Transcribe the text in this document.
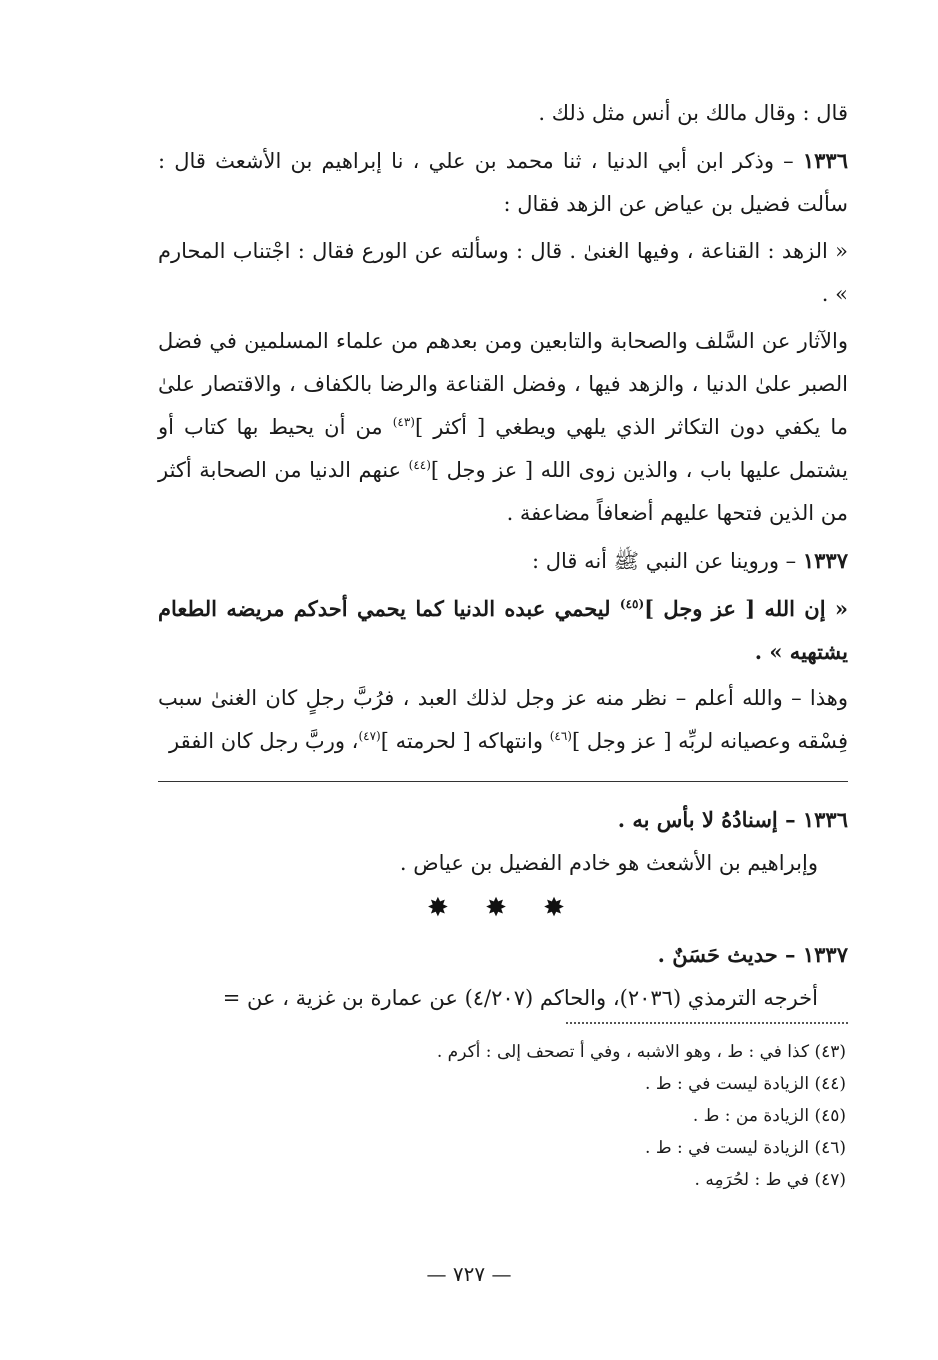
قال : وقال مالك بن أنس مثل ذلك .

١٣٣٦ – وذكر ابن أبي الدنيا ، ثنا محمد بن علي ، نا إبراهيم بن الأشعث قال : سألت فضيل بن عياض عن الزهد فقال :

« الزهد : القناعة ، وفيها الغنىٰ . قال : وسألته عن الورع فقال : اجْتناب المحارم » .

والآثار عن السَّلف والصحابة والتابعين ومن بعدهم من علماء المسلمين في فضل الصبر علىٰ الدنيا ، والزهد فيها ، وفضل القناعة والرضا بالكفاف ، والاقتصار علىٰ ما يكفي دون التكاثر الذي يلهي ويطغي [ أكثر ]$^{(٤٣)}$ من أن يحيط بها كتاب أو يشتمل عليها باب ، والذين زوى الله [ عز وجل ]$^{(٤٤)}$ عنهم الدنيا من الصحابة أكثر من الذين فتحها عليهم أضعافاً مضاعفة .

١٣٣٧ – وروينا عن النبي ﷺ أنه قال :

« إن الله [ عز وجل ]$^{(٤٥)}$ ليحمي عبده الدنيا كما يحمي أحدكم مريضه الطعام يشتهيه » .

وهذا – والله أعلم – نظر منه عز وجل لذلك العبد ، فرُبَّ رجلٍ كان الغنىٰ سبب فِسْقه وعصيانه لربِّه [ عز وجل ]$^{(٤٦)}$ وانتهاكه [ لحرمته ]$^{(٤٧)}$، وربَّ رجل كان الفقر

١٣٣٦ – إسنادُهُ لا بأس به .

وإبراهيم بن الأشعث هو خادم الفضيل بن عياض .

✸ ✸ ✸

١٣٣٧ – حديث حَسَنٌ .

أخرجه الترمذي (٢٠٣٦)، والحاكم (٤/٢٠٧) عن عمارة بن غزية ، عن =

(٤٣) كذا في : ط ، وهو الاشبه ، وفي أ تصحف إلى : أكرم .

(٤٤) الزيادة ليست في : ط .

(٤٥) الزيادة من : ط .

(٤٦) الزيادة ليست في : ط .

(٤٧) في ط : لحُرَمِه .

— ٧٢٧ —
